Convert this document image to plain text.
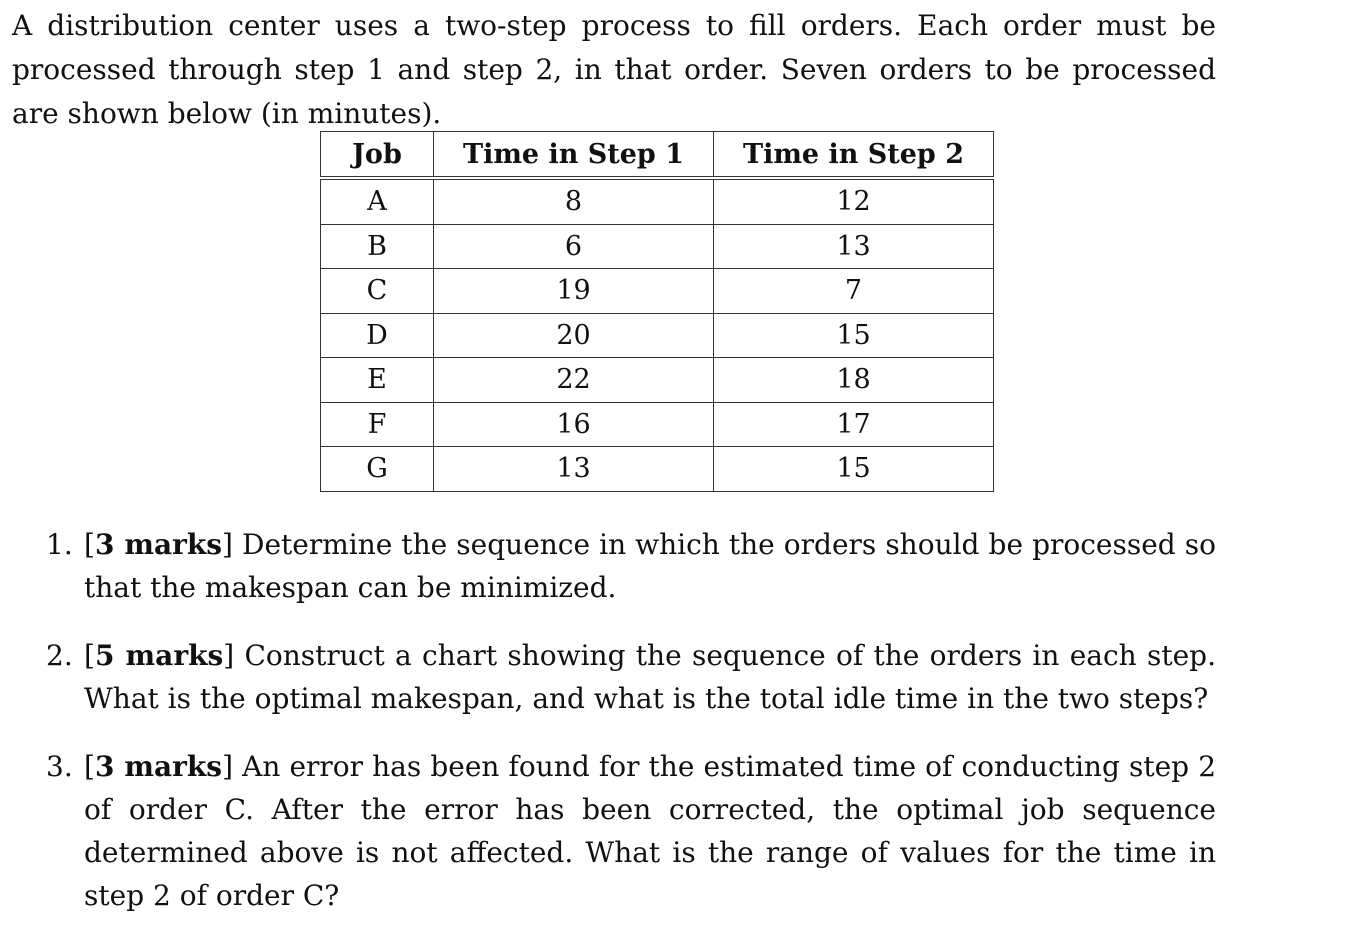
A distribution center uses a two-step process to fill orders. Each order must be processed through step 1 and step 2, in that order. Seven orders to be processed are shown below (in minutes).

Job	Time in Step 1	Time in Step 2
A	8	12
B	6	13
C	19	7
D	20	15
E	22	18
F	16	17
G	13	15
1. [3 marks] Determine the sequence in which the orders should be processed so that the makespan can be minimized.
2. [5 marks] Construct a chart showing the sequence of the orders in each step. What is the optimal makespan, and what is the total idle time in the two steps?
3. [3 marks] An error has been found for the estimated time of conducting step 2 of order C. After the error has been corrected, the optimal job sequence determined above is not affected. What is the range of values for the time in step 2 of order C?
